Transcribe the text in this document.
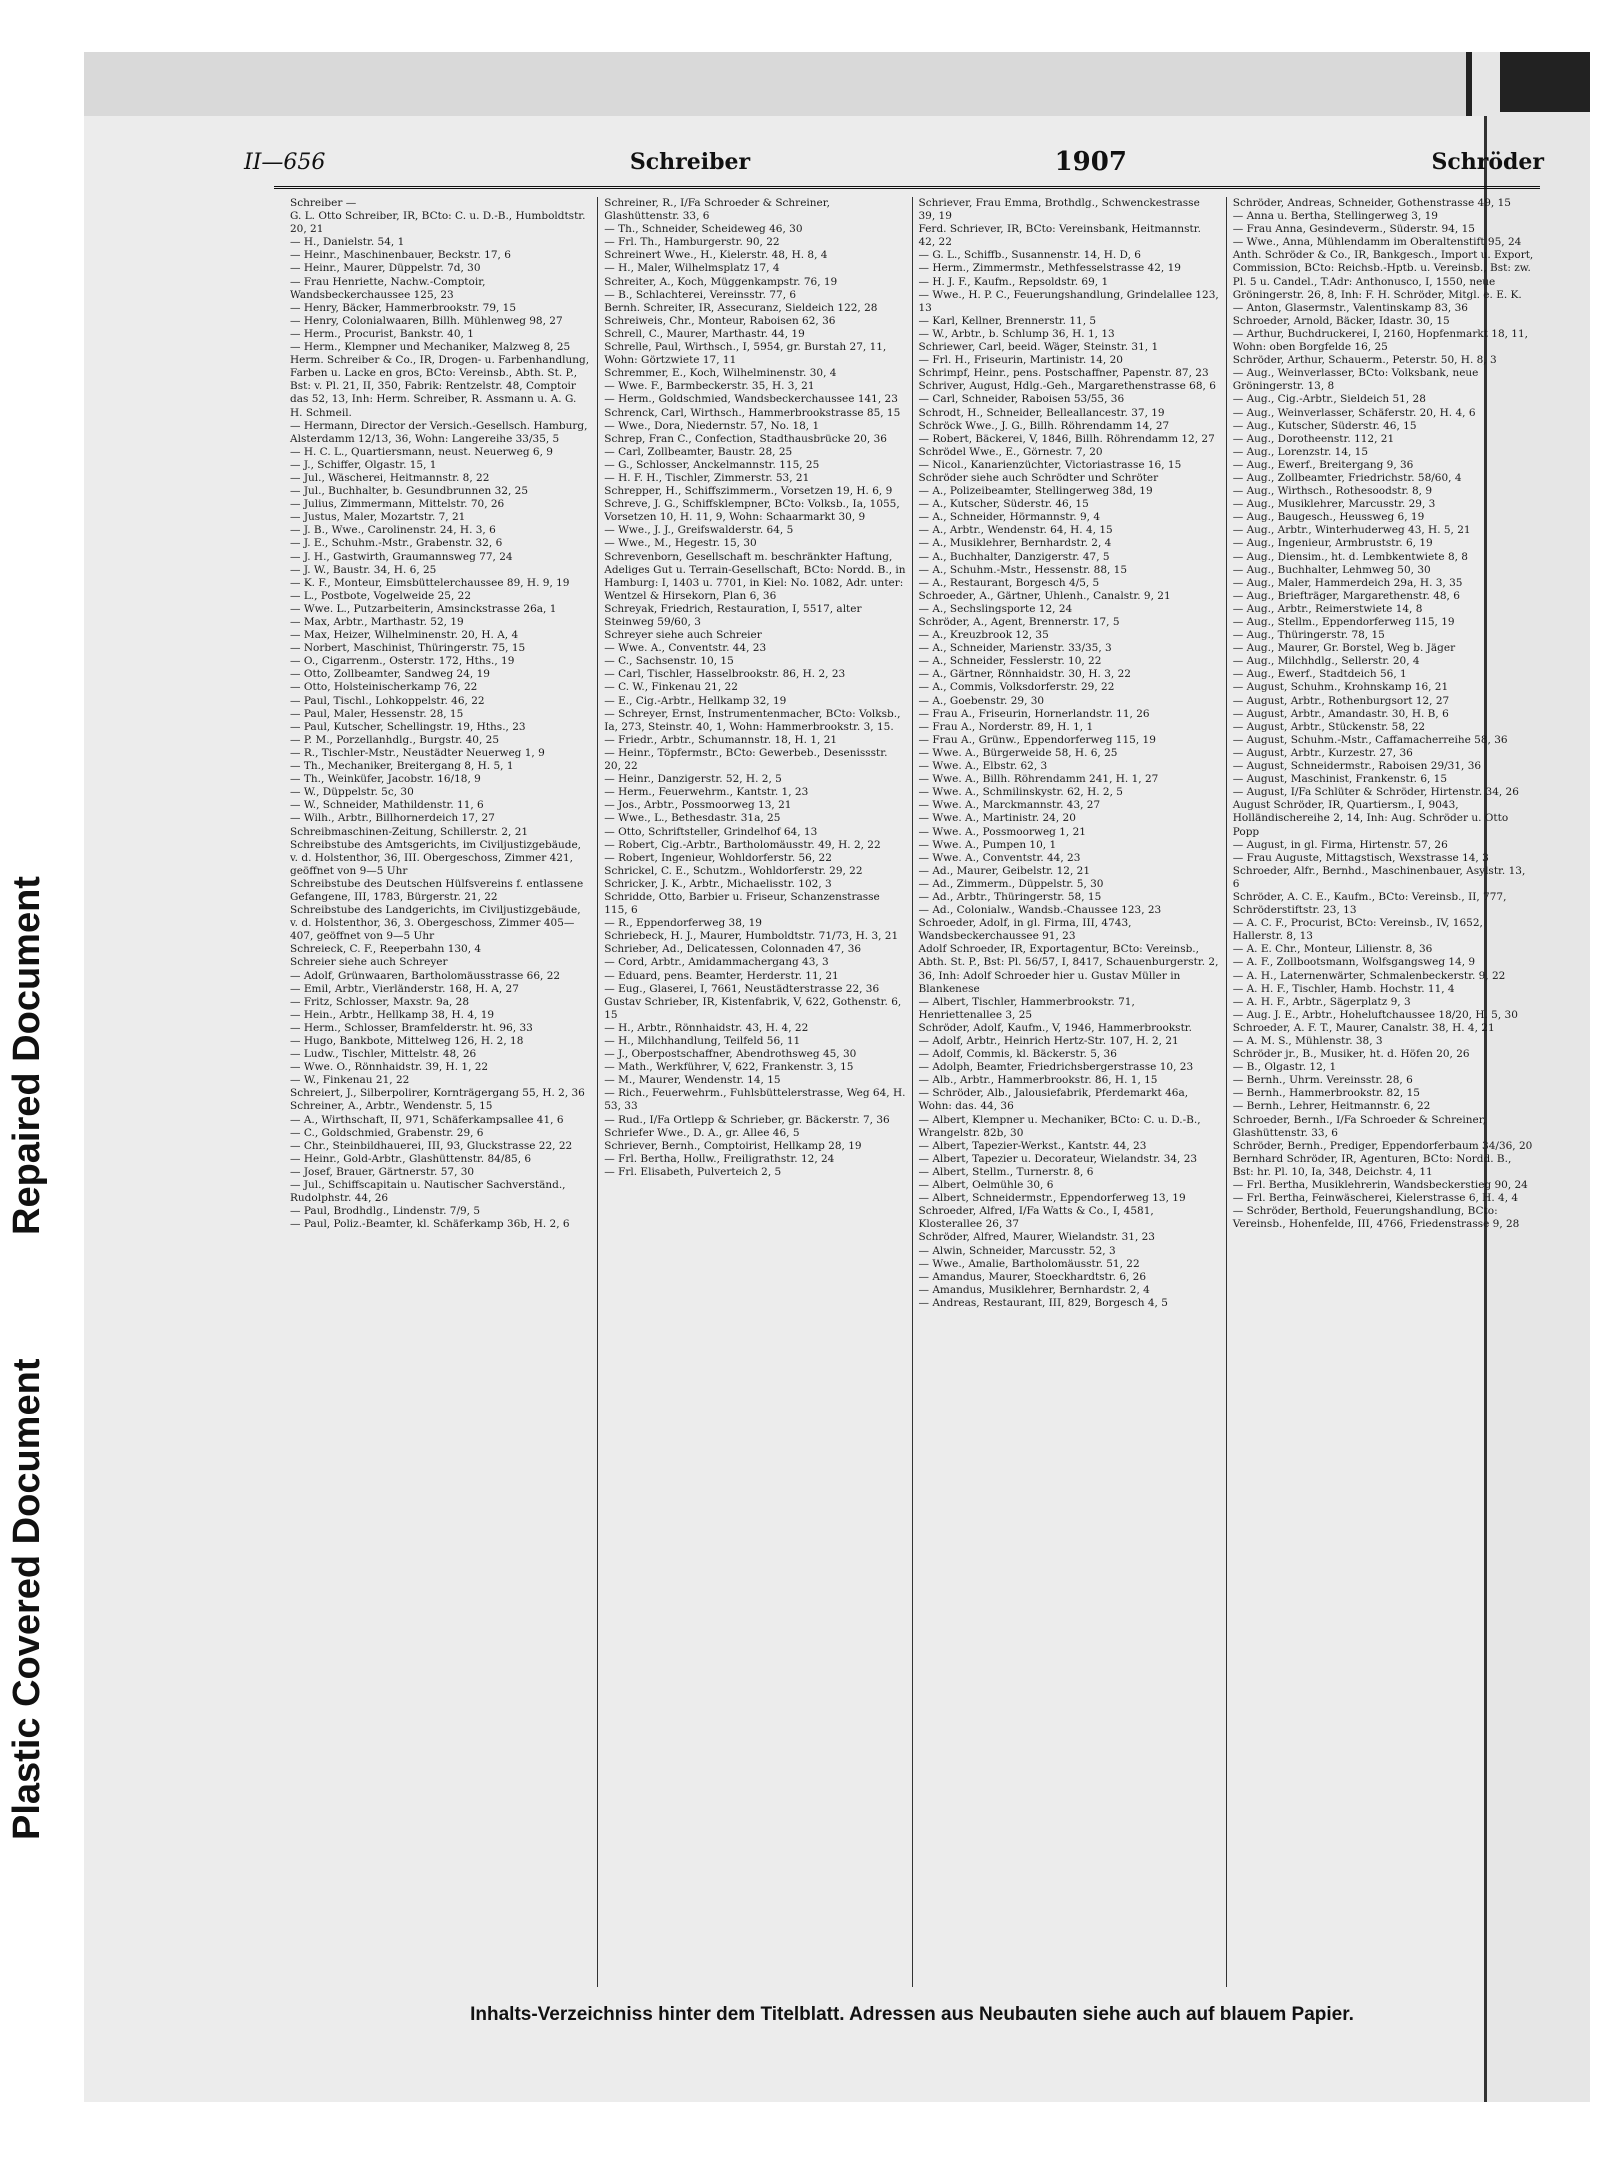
Repaired Document
Plastic Covered Document
II—656	Schreiber	1907	Schröder

Schreiber —

G. L. Otto Schreiber, IR, BCto: C. u. D.-B., Humboldtstr. 20, 21

— H., Danielstr. 54, 1

— Heinr., Maschinenbauer, Beckstr. 17, 6

— Heinr., Maurer, Düppelstr. 7d, 30

— Frau Henriette, Nachw.-Comptoir, Wandsbeckerchaussee 125, 23

— Henry, Bäcker, Hammerbrookstr. 79, 15

— Henry, Colonialwaaren, Billh. Mühlenweg 98, 27

— Herm., Procurist, Bankstr. 40, 1

— Herm., Klempner und Mechaniker, Malzweg 8, 25

Herm. Schreiber & Co., IR, Drogen- u. Farbenhandlung, Farben u. Lacke en gros, BCto: Vereinsb., Abth. St. P., Bst: v. Pl. 21, II, 350, Fabrik: Rentzelstr. 48, Comptoir das 52, 13, Inh: Herm. Schreiber, R. Assmann u. A. G. H. Schmeil.

— Hermann, Director der Versich.-Gesellsch. Hamburg, Alsterdamm 12/13, 36, Wohn: Langereihe 33/35, 5

— H. C. L., Quartiersmann, neust. Neuerweg 6, 9

— J., Schiffer, Olgastr. 15, 1

— Jul., Wäscherei, Heitmannstr. 8, 22

— Jul., Buchhalter, b. Gesundbrunnen 32, 25

— Julius, Zimmermann, Mittelstr. 70, 26

— Justus, Maler, Mozartstr. 7, 21

— J. B., Wwe., Carolinenstr. 24, H. 3, 6

— J. E., Schuhm.-Mstr., Grabenstr. 32, 6

— J. H., Gastwirth, Graumannsweg 77, 24

— J. W., Baustr. 34, H. 6, 25

— K. F., Monteur, Eimsbüttelerchaussee 89, H. 9, 19

— L., Postbote, Vogelweide 25, 22

— Wwe. L., Putzarbeiterin, Amsinckstrasse 26a, 1

— Max, Arbtr., Marthastr. 52, 19

— Max, Heizer, Wilhelminenstr. 20, H. A, 4

— Norbert, Maschinist, Thüringerstr. 75, 15

— O., Cigarrenm., Osterstr. 172, Hths., 19

— Otto, Zollbeamter, Sandweg 24, 19

— Otto, Holsteinischerkamp 76, 22

— Paul, Tischl., Lohkoppelstr. 46, 22

— Paul, Maler, Hessenstr. 28, 15

— Paul, Kutscher, Schellingstr. 19, Hths., 23

— P. M., Porzellanhdlg., Burgstr. 40, 25

— R., Tischler-Mstr., Neustädter Neuerweg 1, 9

— Th., Mechaniker, Breitergang 8, H. 5, 1

— Th., Weinküfer, Jacobstr. 16/18, 9

— W., Düppelstr. 5c, 30

— W., Schneider, Mathildenstr. 11, 6

— Wilh., Arbtr., Billhornerdeich 17, 27

Schreibmaschinen-Zeitung, Schillerstr. 2, 21

Schreibstube des Amtsgerichts, im Civiljustizgebäude, v. d. Holstenthor, 36, III. Obergeschoss, Zimmer 421, geöffnet von 9—5 Uhr

Schreibstube des Deutschen Hülfsvereins f. entlassene Gefangene, III, 1783, Bürgerstr. 21, 22

Schreibstube des Landgerichts, im Civiljustizgebäude, v. d. Holstenthor, 36, 3. Obergeschoss, Zimmer 405—407, geöffnet von 9—5 Uhr

Schreieck, C. F., Reeperbahn 130, 4

Schreier siehe auch Schreyer

— Adolf, Grünwaaren, Bartholomäusstrasse 66, 22

— Emil, Arbtr., Vierländerstr. 168, H. A, 27

— Fritz, Schlosser, Maxstr. 9a, 28

— Hein., Arbtr., Hellkamp 38, H. 4, 19

— Herm., Schlosser, Bramfelderstr. ht. 96, 33

— Hugo, Bankbote, Mittelweg 126, H. 2, 18

— Ludw., Tischler, Mittelstr. 48, 26

— Wwe. O., Rönnhaidstr. 39, H. 1, 22

— W., Finkenau 21, 22

Schreiert, J., Silberpolirer, Kornträgergang 55, H. 2, 36

Schreiner, A., Arbtr., Wendenstr. 5, 15

— A., Wirthschaft, II, 971, Schäferkampsallee 41, 6

— C., Goldschmied, Grabenstr. 29, 6

— Chr., Steinbildhauerei, III, 93, Gluckstrasse 22, 22

— Heinr., Gold-Arbtr., Glashüttenstr. 84/85, 6

— Josef, Brauer, Gärtnerstr. 57, 30

— Jul., Schiffscapitain u. Nautischer Sachverständ., Rudolphstr. 44, 26

— Paul, Brodhdlg., Lindenstr. 7/9, 5

— Paul, Poliz.-Beamter, kl. Schäferkamp 36b, H. 2, 6

Schreiner, R., I/Fa Schroeder & Schreiner, Glashüttenstr. 33, 6

— Th., Schneider, Scheideweg 46, 30

— Frl. Th., Hamburgerstr. 90, 22

Schreinert Wwe., H., Kielerstr. 48, H. 8, 4

— H., Maler, Wilhelmsplatz 17, 4

Schreiter, A., Koch, Müggenkampstr. 76, 19

— B., Schlachterei, Vereinsstr. 77, 6

Bernh. Schreiter, IR, Assecuranz, Sieldeich 122, 28

Schreiweis, Chr., Monteur, Raboisen 62, 36

Schrell, C., Maurer, Marthastr. 44, 19

Schrelle, Paul, Wirthsch., I, 5954, gr. Burstah 27, 11, Wohn: Görtzwiete 17, 11

Schremmer, E., Koch, Wilhelminenstr. 30, 4

— Wwe. F., Barmbeckerstr. 35, H. 3, 21

— Herm., Goldschmied, Wandsbeckerchaussee 141, 23

Schrenck, Carl, Wirthsch., Hammerbrookstrasse 85, 15

— Wwe., Dora, Niedernstr. 57, No. 18, 1

Schrep, Fran C., Confection, Stadthausbrücke 20, 36

— Carl, Zollbeamter, Baustr. 28, 25

— G., Schlosser, Anckelmannstr. 115, 25

— H. F. H., Tischler, Zimmerstr. 53, 21

Schrepper, H., Schiffszimmerm., Vorsetzen 19, H. 6, 9

Schreve, J. G., Schiffsklempner, BCto: Volksb., Ia, 1055, Vorsetzen 10, H. 11, 9, Wohn: Schaarmarkt 30, 9

— Wwe., J. J., Greifswalderstr. 64, 5

— Wwe., M., Hegestr. 15, 30

Schrevenborn, Gesellschaft m. beschränkter Haftung, Adeliges Gut u. Terrain-Gesellschaft, BCto: Nordd. B., in Hamburg: I, 1403 u. 7701, in Kiel: No. 1082, Adr. unter: Wentzel & Hirsekorn, Plan 6, 36

Schreyak, Friedrich, Restauration, I, 5517, alter Steinweg 59/60, 3

Schreyer siehe auch Schreier

— Wwe. A., Conventstr. 44, 23

— C., Sachsenstr. 10, 15

— Carl, Tischler, Hasselbrookstr. 86, H. 2, 23

— C. W., Finkenau 21, 22

— E., Cig.-Arbtr., Hellkamp 32, 19

— Schreyer, Ernst, Instrumentenmacher, BCto: Volksb., Ia, 273, Steinstr. 40, 1, Wohn: Hammerbrookstr. 3, 15.

— Friedr., Arbtr., Schumannstr. 18, H. 1, 21

— Heinr., Töpfermstr., BCto: Gewerbeb., Desenissstr. 20, 22

— Heinr., Danzigerstr. 52, H. 2, 5

— Herm., Feuerwehrm., Kantstr. 1, 23

— Jos., Arbtr., Possmoorweg 13, 21

— Wwe., L., Bethesdastr. 31a, 25

— Otto, Schriftsteller, Grindelhof 64, 13

— Robert, Cig.-Arbtr., Bartholomäusstr. 49, H. 2, 22

— Robert, Ingenieur, Wohldorferstr. 56, 22

Schrickel, C. E., Schutzm., Wohldorferstr. 29, 22

Schricker, J. K., Arbtr., Michaelisstr. 102, 3

Schridde, Otto, Barbier u. Friseur, Schanzenstrasse 115, 6

— R., Eppendorferweg 38, 19

Schriebeck, H. J., Maurer, Humboldtstr. 71/73, H. 3, 21

Schrieber, Ad., Delicatessen, Colonnaden 47, 36

— Cord, Arbtr., Amidammachergang 43, 3

— Eduard, pens. Beamter, Herderstr. 11, 21

— Eug., Glaserei, I, 7661, Neustädterstrasse 22, 36

Gustav Schrieber, IR, Kistenfabrik, V, 622, Gothenstr. 6, 15

— H., Arbtr., Rönnhaidstr. 43, H. 4, 22

— H., Milchhandlung, Teilfeld 56, 11

— J., Oberpostschaffner, Abendrothsweg 45, 30

— Math., Werkführer, V, 622, Frankenstr. 3, 15

— M., Maurer, Wendenstr. 14, 15

— Rich., Feuerwehrm., Fuhlsbüttelerstrasse, Weg 64, H. 53, 33

— Rud., I/Fa Ortlepp & Schrieber, gr. Bäckerstr. 7, 36

Schriefer Wwe., D. A., gr. Allee 46, 5

Schriever, Bernh., Comptoirist, Hellkamp 28, 19

— Frl. Bertha, Hollw., Freiligrathstr. 12, 24

— Frl. Elisabeth, Pulverteich 2, 5

Schriever, Frau Emma, Brothdlg., Schwenckestrasse 39, 19

Ferd. Schriever, IR, BCto: Vereinsbank, Heitmannstr. 42, 22

— G. L., Schiffb., Susannenstr. 14, H. D, 6

— Herm., Zimmermstr., Methfesselstrasse 42, 19

— H. J. F., Kaufm., Repsoldstr. 69, 1

— Wwe., H. P. C., Feuerungshandlung, Grindelallee 123, 13

— Karl, Kellner, Brennerstr. 11, 5

— W., Arbtr., b. Schlump 36, H. 1, 13

Schriewer, Carl, beeid. Wäger, Steinstr. 31, 1

— Frl. H., Friseurin, Martinistr. 14, 20

Schrimpf, Heinr., pens. Postschaffner, Papenstr. 87, 23

Schriver, August, Hdlg.-Geh., Margarethenstrasse 68, 6

— Carl, Schneider, Raboisen 53/55, 36

Schrodt, H., Schneider, Belleallancestr. 37, 19

Schröck Wwe., J. G., Billh. Röhrendamm 14, 27

— Robert, Bäckerei, V, 1846, Billh. Röhrendamm 12, 27

Schrödel Wwe., E., Görnestr. 7, 20

— Nicol., Kanarienzüchter, Victoriastrasse 16, 15

Schröder siehe auch Schrödter und Schröter

— A., Polizeibeamter, Stellingerweg 38d, 19

— A., Kutscher, Süderstr. 46, 15

— A., Schneider, Hörmannstr. 9, 4

— A., Arbtr., Wendenstr. 64, H. 4, 15

— A., Musiklehrer, Bernhardstr. 2, 4

— A., Buchhalter, Danzigerstr. 47, 5

— A., Schuhm.-Mstr., Hessenstr. 88, 15

— A., Restaurant, Borgesch 4/5, 5

Schroeder, A., Gärtner, Uhlenh., Canalstr. 9, 21

— A., Sechslingsporte 12, 24

Schröder, A., Agent, Brennerstr. 17, 5

— A., Kreuzbrook 12, 35

— A., Schneider, Marienstr. 33/35, 3

— A., Schneider, Fesslerstr. 10, 22

— A., Gärtner, Rönnhaidstr. 30, H. 3, 22

— A., Commis, Volksdorferstr. 29, 22

— A., Goebenstr. 29, 30

— Frau A., Friseurin, Hornerlandstr. 11, 26

— Frau A., Norderstr. 89, H. 1, 1

— Frau A., Grünw., Eppendorferweg 115, 19

— Wwe. A., Bürgerweide 58, H. 6, 25

— Wwe. A., Elbstr. 62, 3

— Wwe. A., Billh. Röhrendamm 241, H. 1, 27

— Wwe. A., Schmilinskystr. 62, H. 2, 5

— Wwe. A., Marckmannstr. 43, 27

— Wwe. A., Martinistr. 24, 20

— Wwe. A., Possmoorweg 1, 21

— Wwe. A., Pumpen 10, 1

— Wwe. A., Conventstr. 44, 23

— Ad., Maurer, Geibelstr. 12, 21

— Ad., Zimmerm., Düppelstr. 5, 30

— Ad., Arbtr., Thüringerstr. 58, 15

— Ad., Colonialw., Wandsb.-Chaussee 123, 23

Schroeder, Adolf, in gl. Firma, III, 4743, Wandsbeckerchaussee 91, 23

Adolf Schroeder, IR, Exportagentur, BCto: Vereinsb., Abth. St. P., Bst: Pl. 56/57, I, 8417, Schauenburgerstr. 2, 36, Inh: Adolf Schroeder hier u. Gustav Müller in Blankenese

— Albert, Tischler, Hammerbrookstr. 71, Henriettenallee 3, 25

Schröder, Adolf, Kaufm., V, 1946, Hammerbrookstr.

— Adolf, Arbtr., Heinrich Hertz-Str. 107, H. 2, 21

— Adolf, Commis, kl. Bäckerstr. 5, 36

— Adolph, Beamter, Friedrichsbergerstrasse 10, 23

— Alb., Arbtr., Hammerbrookstr. 86, H. 1, 15

— Schröder, Alb., Jalousiefabrik, Pferdemarkt 46a, Wohn: das. 44, 36

— Albert, Klempner u. Mechaniker, BCto: C. u. D.-B., Wrangelstr. 82b, 30

— Albert, Tapezier-Werkst., Kantstr. 44, 23

— Albert, Tapezier u. Decorateur, Wielandstr. 34, 23

— Albert, Stellm., Turnerstr. 8, 6

— Albert, Oelmühle 30, 6

— Albert, Schneidermstr., Eppendorferweg 13, 19

Schroeder, Alfred, I/Fa Watts & Co., I, 4581, Klosterallee 26, 37

Schröder, Alfred, Maurer, Wielandstr. 31, 23

— Alwin, Schneider, Marcusstr. 52, 3

— Wwe., Amalie, Bartholomäusstr. 51, 22

— Amandus, Maurer, Stoeckhardtstr. 6, 26

— Amandus, Musiklehrer, Bernhardstr. 2, 4

— Andreas, Restaurant, III, 829, Borgesch 4, 5

Schröder, Andreas, Schneider, Gothenstrasse 49, 15

— Anna u. Bertha, Stellingerweg 3, 19

— Frau Anna, Gesindeverm., Süderstr. 94, 15

— Wwe., Anna, Mühlendamm im Oberaltenstift 95, 24

Anth. Schröder & Co., IR, Bankgesch., Import u. Export, Commission, BCto: Reichsb.-Hptb. u. Vereinsb., Bst: zw. Pl. 5 u. Candel., T.Adr: Anthonusco, I, 1550, neue Gröningerstr. 26, 8, Inh: F. H. Schröder, Mitgl. e. E. K.

— Anton, Glasermstr., Valentinskamp 83, 36

Schroeder, Arnold, Bäcker, Idastr. 30, 15

— Arthur, Buchdruckerei, I, 2160, Hopfenmarkt 18, 11, Wohn: oben Borgfelde 16, 25

Schröder, Arthur, Schauerm., Peterstr. 50, H. 8, 3

— Aug., Weinverlasser, BCto: Volksbank, neue Gröningerstr. 13, 8

— Aug., Cig.-Arbtr., Sieldeich 51, 28

— Aug., Weinverlasser, Schäferstr. 20, H. 4, 6

— Aug., Kutscher, Süderstr. 46, 15

— Aug., Dorotheenstr. 112, 21

— Aug., Lorenzstr. 14, 15

— Aug., Ewerf., Breitergang 9, 36

— Aug., Zollbeamter, Friedrichstr. 58/60, 4

— Aug., Wirthsch., Rothesoodstr. 8, 9

— Aug., Musiklehrer, Marcusstr. 29, 3

— Aug., Baugesch., Heussweg 6, 19

— Aug., Arbtr., Winterhuderweg 43, H. 5, 21

— Aug., Ingenieur, Armbruststr. 6, 19

— Aug., Diensim., ht. d. Lembkentwiete 8, 8

— Aug., Buchhalter, Lehmweg 50, 30

— Aug., Maler, Hammerdeich 29a, H. 3, 35

— Aug., Briefträger, Margarethenstr. 48, 6

— Aug., Arbtr., Reimerstwiete 14, 8

— Aug., Stellm., Eppendorferweg 115, 19

— Aug., Thüringerstr. 78, 15

— Aug., Maurer, Gr. Borstel, Weg b. Jäger

— Aug., Milchhdlg., Sellerstr. 20, 4

— Aug., Ewerf., Stadtdeich 56, 1

— August, Schuhm., Krohnskamp 16, 21

— August, Arbtr., Rothenburgsort 12, 27

— August, Arbtr., Amandastr. 30, H. B, 6

— August, Arbtr., Stückenstr. 58, 22

— August, Schuhm.-Mstr., Caffamacherreihe 58, 36

— August, Arbtr., Kurzestr. 27, 36

— August, Schneidermstr., Raboisen 29/31, 36

— August, Maschinist, Frankenstr. 6, 15

— August, I/Fa Schlüter & Schröder, Hirtenstr. 34, 26

August Schröder, IR, Quartiersm., I, 9043, Holländischereihe 2, 14, Inh: Aug. Schröder u. Otto Popp

— August, in gl. Firma, Hirtenstr. 57, 26

— Frau Auguste, Mittagstisch, Wexstrasse 14, 3

Schroeder, Alfr., Bernhd., Maschinenbauer, Asylstr. 13, 6

Schröder, A. C. E., Kaufm., BCto: Vereinsb., II, 777, Schröderstiftstr. 23, 13

— A. C. F., Procurist, BCto: Vereinsb., IV, 1652, Hallerstr. 8, 13

— A. E. Chr., Monteur, Lilienstr. 8, 36

— A. F., Zollbootsmann, Wolfsgangsweg 14, 9

— A. H., Laternenwärter, Schmalenbeckerstr. 9, 22

— A. H. F., Tischler, Hamb. Hochstr. 11, 4

— A. H. F., Arbtr., Sägerplatz 9, 3

— Aug. J. E., Arbtr., Hoheluftchaussee 18/20, H. 5, 30

Schroeder, A. F. T., Maurer, Canalstr. 38, H. 4, 21

— A. M. S., Mühlenstr. 38, 3

Schröder jr., B., Musiker, ht. d. Höfen 20, 26

— B., Olgastr. 12, 1

— Bernh., Uhrm. Vereinsstr. 28, 6

— Bernh., Hammerbrookstr. 82, 15

— Bernh., Lehrer, Heitmannstr. 6, 22

Schroeder, Bernh., I/Fa Schroeder & Schreiner, Glashüttenstr. 33, 6

Schröder, Bernh., Prediger, Eppendorferbaum 34/36, 20

Bernhard Schröder, IR, Agenturen, BCto: Nordd. B., Bst: hr. Pl. 10, Ia, 348, Deichstr. 4, 11

— Frl. Bertha, Musiklehrerin, Wandsbeckerstieg 90, 24

— Frl. Bertha, Feinwäscherei, Kielerstrasse 6, H. 4, 4

— Schröder, Berthold, Feuerungshandlung, BCto: Vereinsb., Hohenfelde, III, 4766, Friedenstrasse 9, 28

Inhalts-Verzeichniss hinter dem Titelblatt. Adressen aus Neubauten siehe auch auf blauem Papier.
